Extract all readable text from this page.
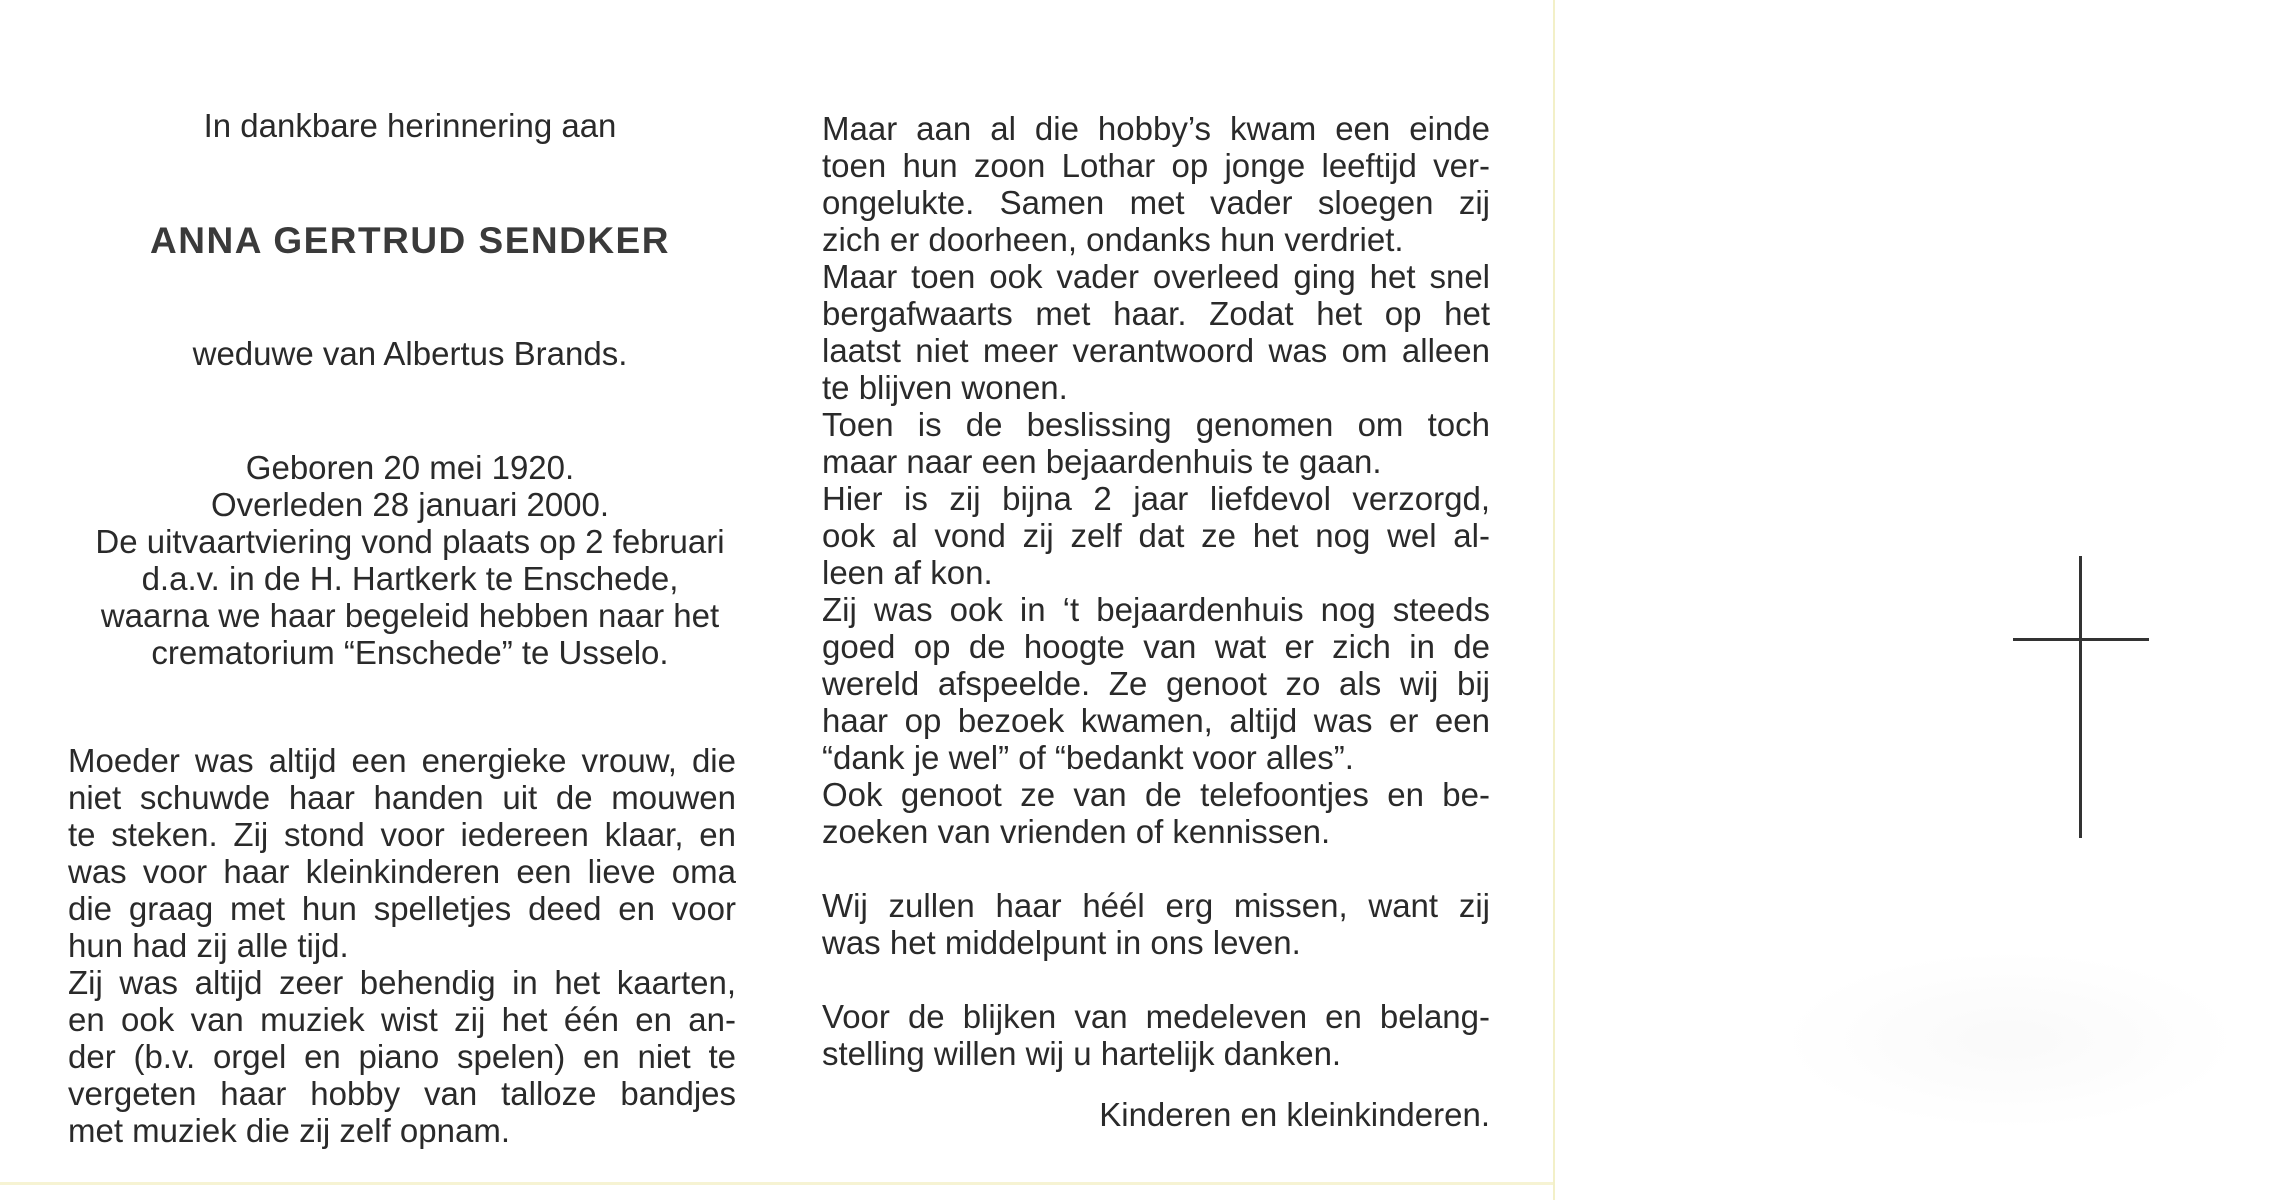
In dankbare herinnering aan
ANNA GERTRUD SENDKER
weduwe van Albertus Brands.
Geboren 20 mei 1920.
Overleden 28 januari 2000.
De uitvaartviering vond plaats op 2 februari
d.a.v. in de H. Hartkerk te Enschede,
waarna we haar begeleid hebben naar het
crematorium “Enschede” te Usselo.
Moeder was altijd een energieke vrouw, die
niet schuwde haar handen uit de mouwen
te steken. Zij stond voor iedereen klaar, en
was voor haar kleinkinderen een lieve oma
die graag met hun spelletjes deed en voor
hun had zij alle tijd.
Zij was altijd zeer behendig in het kaarten,
en ook van muziek wist zij het één en an-
der (b.v. orgel en piano spelen) en niet te
vergeten haar hobby van talloze bandjes
met muziek die zij zelf opnam.
Maar aan al die hobby’s kwam een einde
toen hun zoon Lothar op jonge leeftijd ver-
ongelukte. Samen met vader sloegen zij
zich er doorheen, ondanks hun verdriet.
Maar toen ook vader overleed ging het snel
bergafwaarts met haar. Zodat het op het
laatst niet meer verantwoord was om alleen
te blijven wonen.
Toen is de beslissing genomen om toch
maar naar een bejaardenhuis te gaan.
Hier is zij bijna 2 jaar liefdevol verzorgd,
ook al vond zij zelf dat ze het nog wel al-
leen af kon.
Zij was ook in ‘t bejaardenhuis nog steeds
goed op de hoogte van wat er zich in de
wereld afspeelde. Ze genoot zo als wij bij
haar op bezoek kwamen, altijd was er een
“dank je wel” of “bedankt voor alles”.
Ook genoot ze van de telefoontjes en be-
zoeken van vrienden of kennissen.
Wij zullen haar héél erg missen, want zij
was het middelpunt in ons leven.
Voor de blijken van medeleven en belang-
stelling willen wij u hartelijk danken.
Kinderen en kleinkinderen.
